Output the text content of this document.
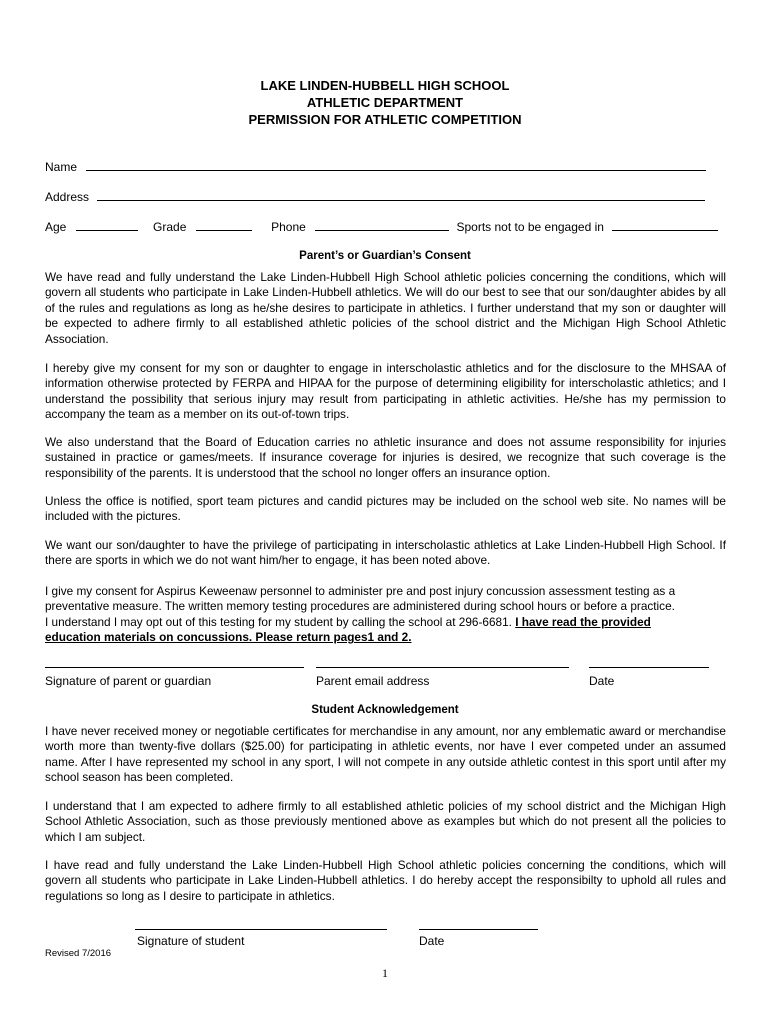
LAKE LINDEN-HUBBELL HIGH SCHOOL
ATHLETIC DEPARTMENT
PERMISSION FOR ATHLETIC COMPETITION
Name
Address
Age	Grade	Phone	Sports not to be engaged in
Parent’s or Guardian’s Consent

We have read and fully understand the Lake Linden-Hubbell High School athletic policies concerning the conditions, which will govern all students who participate in Lake Linden-Hubbell athletics. We will do our best to see that our son/daughter abides by all of the rules and regulations as long as he/she desires to participate in athletics. I further understand that my son or daughter will be expected to adhere firmly to all established athletic policies of the school district and the Michigan High School Athletic Association.

I hereby give my consent for my son or daughter to engage in interscholastic athletics and for the disclosure to the MHSAA of information otherwise protected by FERPA and HIPAA for the purpose of determining eligibility for interscholastic athletics; and I understand the possibility that serious injury may result from participating in athletic activities. He/she has my permission to accompany the team as a member on its out-of-town trips.

We also understand that the Board of Education carries no athletic insurance and does not assume responsibility for injuries sustained in practice or games/meets. If insurance coverage for injuries is desired, we recognize that such coverage is the responsibility of the parents. It is understood that the school no longer offers an insurance option.

Unless the office is notified, sport team pictures and candid pictures may be included on the school web site. No names will be included with the pictures.

We want our son/daughter to have the privilege of participating in interscholastic athletics at Lake Linden-Hubbell High School. If there are sports in which we do not want him/her to engage, it has been noted above.

I give my consent for Aspirus Keweenaw personnel to administer pre and post injury concussion assessment testing as a
preventative measure. The written memory testing procedures are administered during school hours or before a practice.
I understand I may opt out of this testing for my student by calling the school at 296-6681. I have read the provided
education materials on concussions. Please return pages1 and 2.
Signature of parent or guardian	Parent email address	Date
Student Acknowledgement

I have never received money or negotiable certificates for merchandise in any amount, nor any emblematic award or merchandise worth more than twenty-five dollars ($25.00) for participating in athletic events, nor have I ever competed under an assumed name. After I have represented my school in any sport, I will not compete in any outside athletic contest in this sport until after my school season has been completed.

I understand that I am expected to adhere firmly to all established athletic policies of my school district and the Michigan High School Athletic Association, such as those previously mentioned above as examples but which do not present all the policies to which I am subject.

I have read and fully understand the Lake Linden-Hubbell High School athletic policies concerning the conditions, which will govern all students who participate in Lake Linden-Hubbell athletics. I do hereby accept the responsibilty to uphold all rules and regulations so long as I desire to participate in athletics.

Signature of student	Date
Revised 7/2016
1
